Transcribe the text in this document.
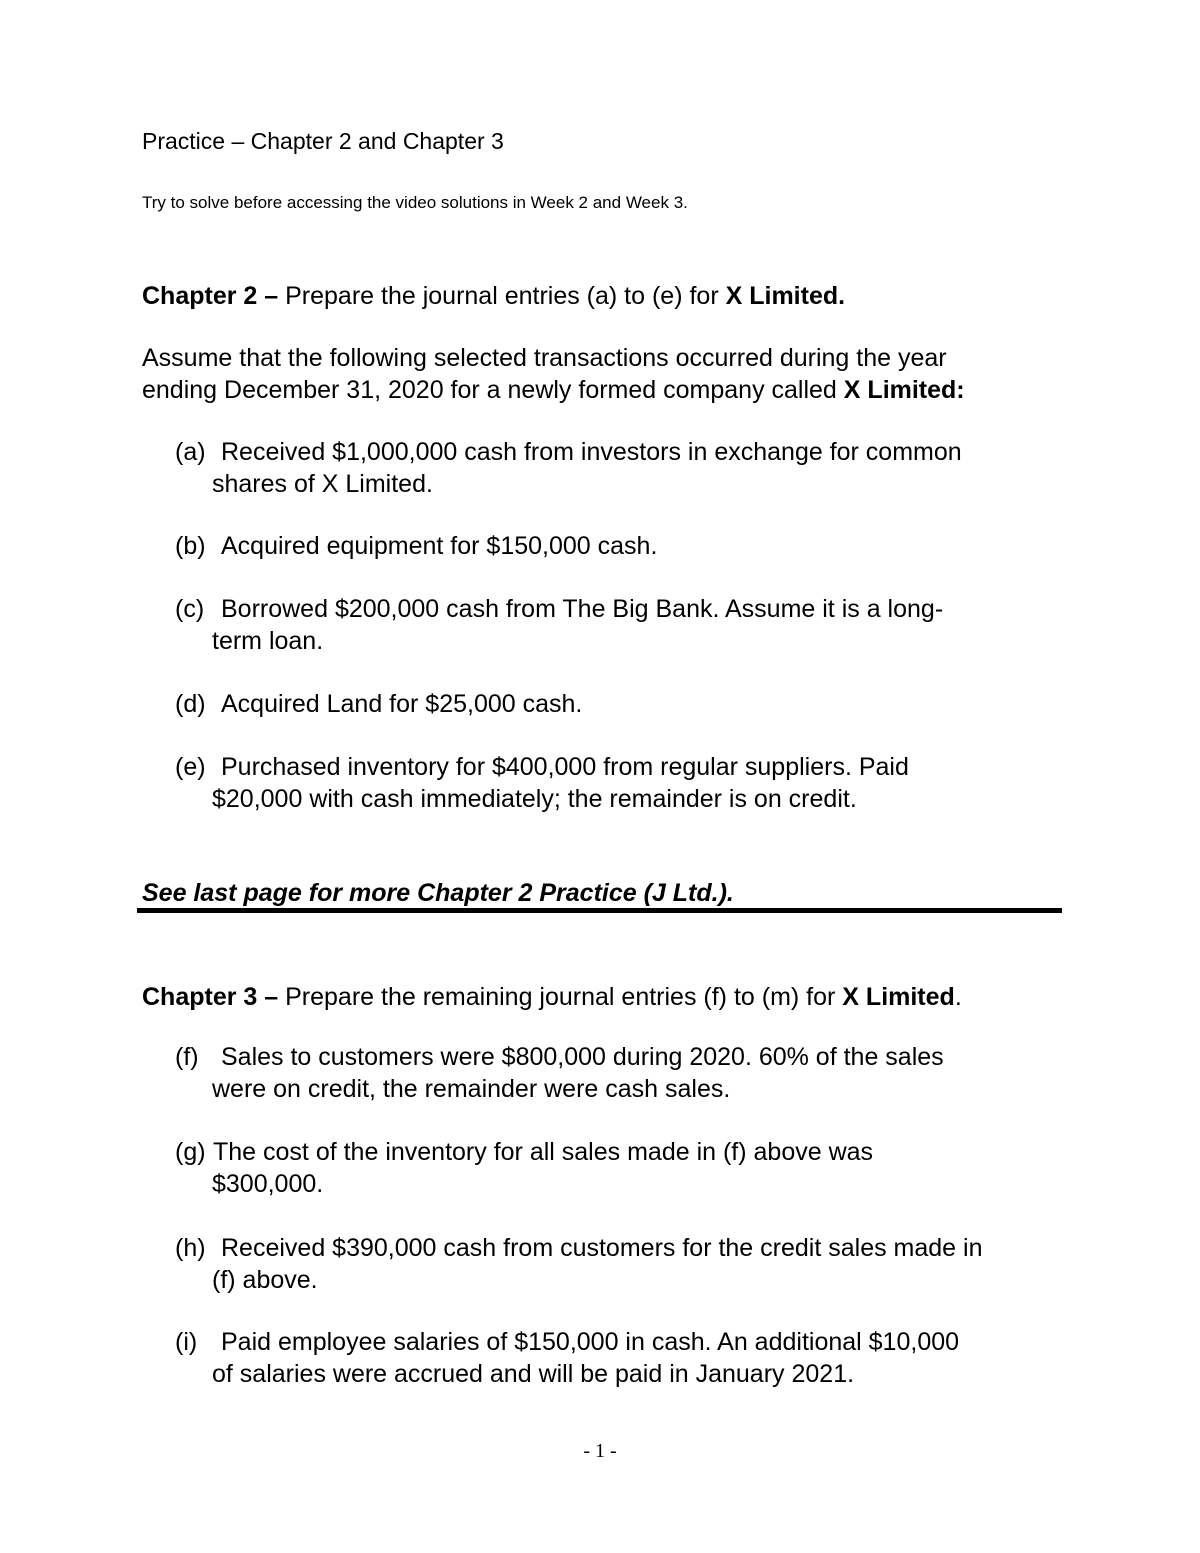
Practice – Chapter 2 and Chapter 3
Try to solve before accessing the video solutions in Week 2 and Week 3.
Chapter 2 – Prepare the journal entries (a) to (e) for X Limited.
Assume that the following selected transactions occurred during the year
ending December 31, 2020 for a newly formed company called X Limited:
(a) Received $1,000,000 cash from investors in exchange for common
shares of X Limited.
(b) Acquired equipment for $150,000 cash.
(c) Borrowed $200,000 cash from The Big Bank. Assume it is a long-
term loan.
(d) Acquired Land for $25,000 cash.
(e) Purchased inventory for $400,000 from regular suppliers. Paid
$20,000 with cash immediately; the remainder is on credit.
See last page for more Chapter 2 Practice (J Ltd.).
Chapter 3 – Prepare the remaining journal entries (f) to (m) for X Limited.
(f) Sales to customers were $800,000 during 2020. 60% of the sales
were on credit, the remainder were cash sales.
(g) The cost of the inventory for all sales made in (f) above was
$300,000.
(h) Received $390,000 cash from customers for the credit sales made in
(f) above.
(i) Paid employee salaries of $150,000 in cash. An additional $10,000
of salaries were accrued and will be paid in January 2021.
- 1 -
